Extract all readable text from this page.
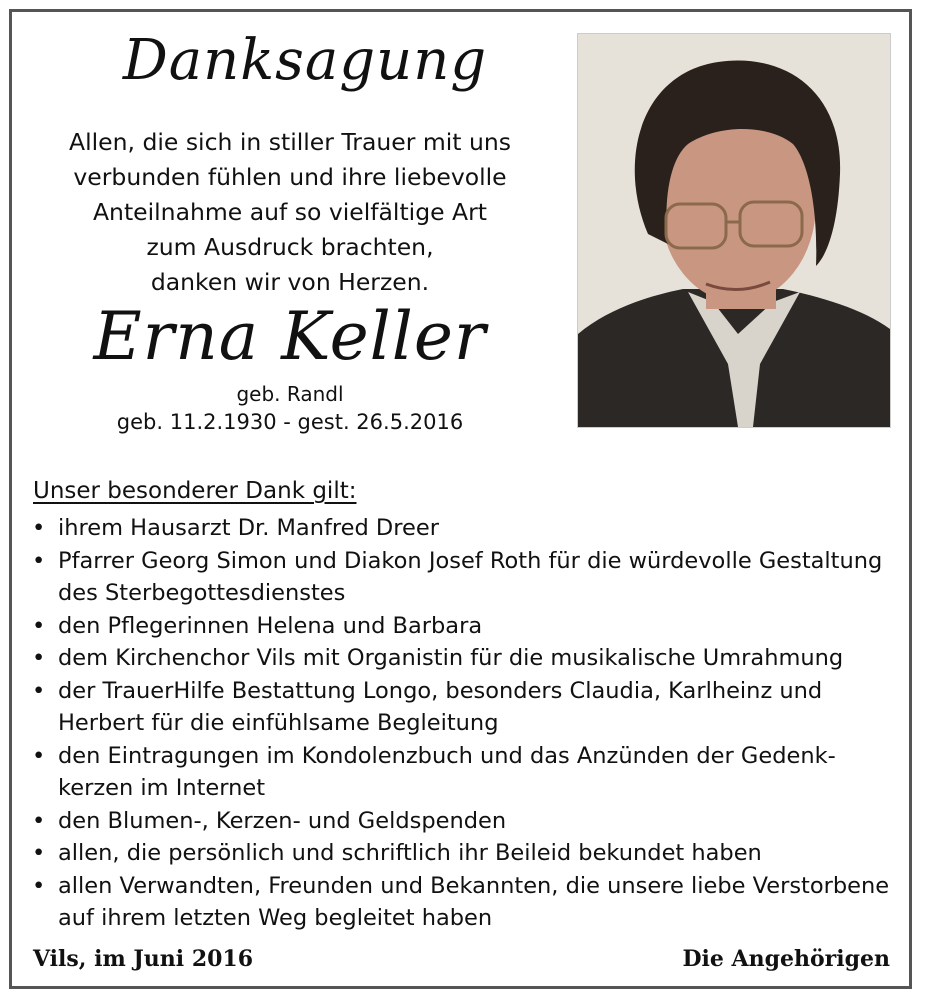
Danksagung
Allen, die sich in stiller Trauer mit uns
verbunden fühlen und ihre liebevolle
Anteilnahme auf so vielfältige Art
zum Ausdruck brachten,
danken wir von Herzen.
Erna Keller
geb. Randl
geb. 11.2.1930 - gest. 26.5.2016
Unser besonderer Dank gilt:
• ihrem Hausarzt Dr. Manfred Dreer
• Pfarrer Georg Simon und Diakon Josef Roth für die würdevolle Gestaltung
des Sterbegottesdienstes
• den Pflegerinnen Helena und Barbara
• dem Kirchenchor Vils mit Organistin für die musikalische Umrahmung
• der TrauerHilfe Bestattung Longo, besonders Claudia, Karlheinz und
Herbert für die einfühlsame Begleitung
• den Eintragungen im Kondolenzbuch und das Anzünden der Gedenk-
kerzen im Internet
• den Blumen-, Kerzen- und Geldspenden
• allen, die persönlich und schriftlich ihr Beileid bekundet haben
• allen Verwandten, Freunden und Bekannten, die unsere liebe Verstorbene
auf ihrem letzten Weg begleitet haben
Vils, im Juni 2016	Die Angehörigen
